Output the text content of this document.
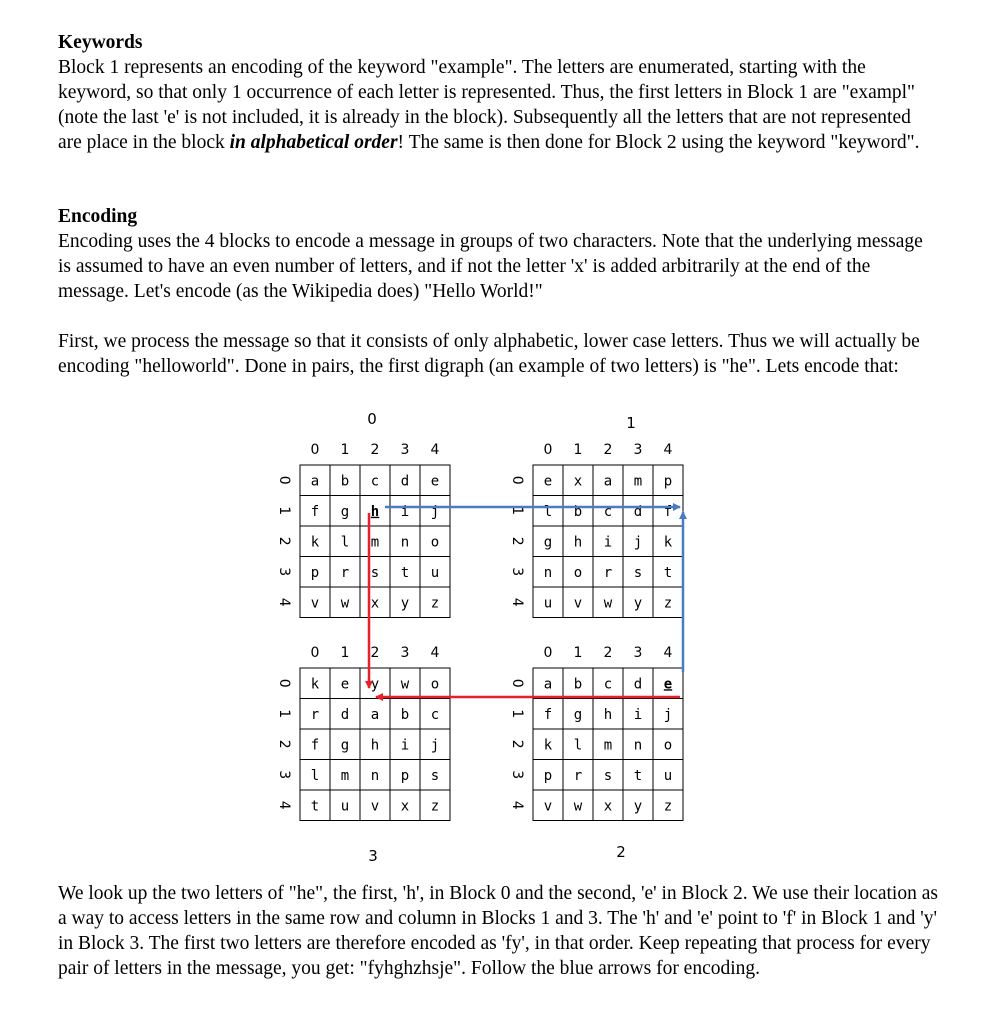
Keywords

Block 1 represents an encoding of the keyword "example". The letters are enumerated, starting with the keyword, so that only 1 occurrence of each letter is represented. Thus, the first letters in Block 1 are "exampl" (note the last 'e' is not included, it is already in the block). Subsequently all the letters that are not represented are place in the block in alphabetical order! The same is then done for Block 2 using the keyword "keyword".

Encoding

Encoding uses the 4 blocks to encode a message in groups of two characters. Note that the underlying message is assumed to have an even number of letters, and if not the letter 'x' is added arbitrarily at the end of the message. Let's encode (as the Wikipedia does) "Hello World!"

First, we process the message so that it consists of only alphabetic, lower case letters. Thus we will actually be encoding "helloworld". Done in pairs, the first digraph (an example of two letters) is "he". Lets encode that:

0
0 1 2 3 4
0
1
2
3
4
a b c d e
f g h i j
k l m n o
p r s t u
v w x y z
1
0 1 2 3 4
0
1
2
3
4
e x a m p
l b c d f
g h i j k
n o r s t
u v w y z
3
0 1 2 3 4
0
1
2
3
4
k e y w o
r d a b c
f g h i j
l m n p s
t u v x z
2
0 1 2 3 4
0
1
2
3
4
a b c d e
f g h i j
k l m n o
p r s t u
v w x y z

We look up the two letters of "he", the first, 'h', in Block 0 and the second, 'e' in Block 2. We use their location as a way to access letters in the same row and column in Blocks 1 and 3. The 'h' and 'e' point to 'f' in Block 1 and 'y' in Block 3. The first two letters are therefore encoded as 'fy', in that order. Keep repeating that process for every pair of letters in the message, you get: "fyhghzhsje". Follow the blue arrows for encoding.
